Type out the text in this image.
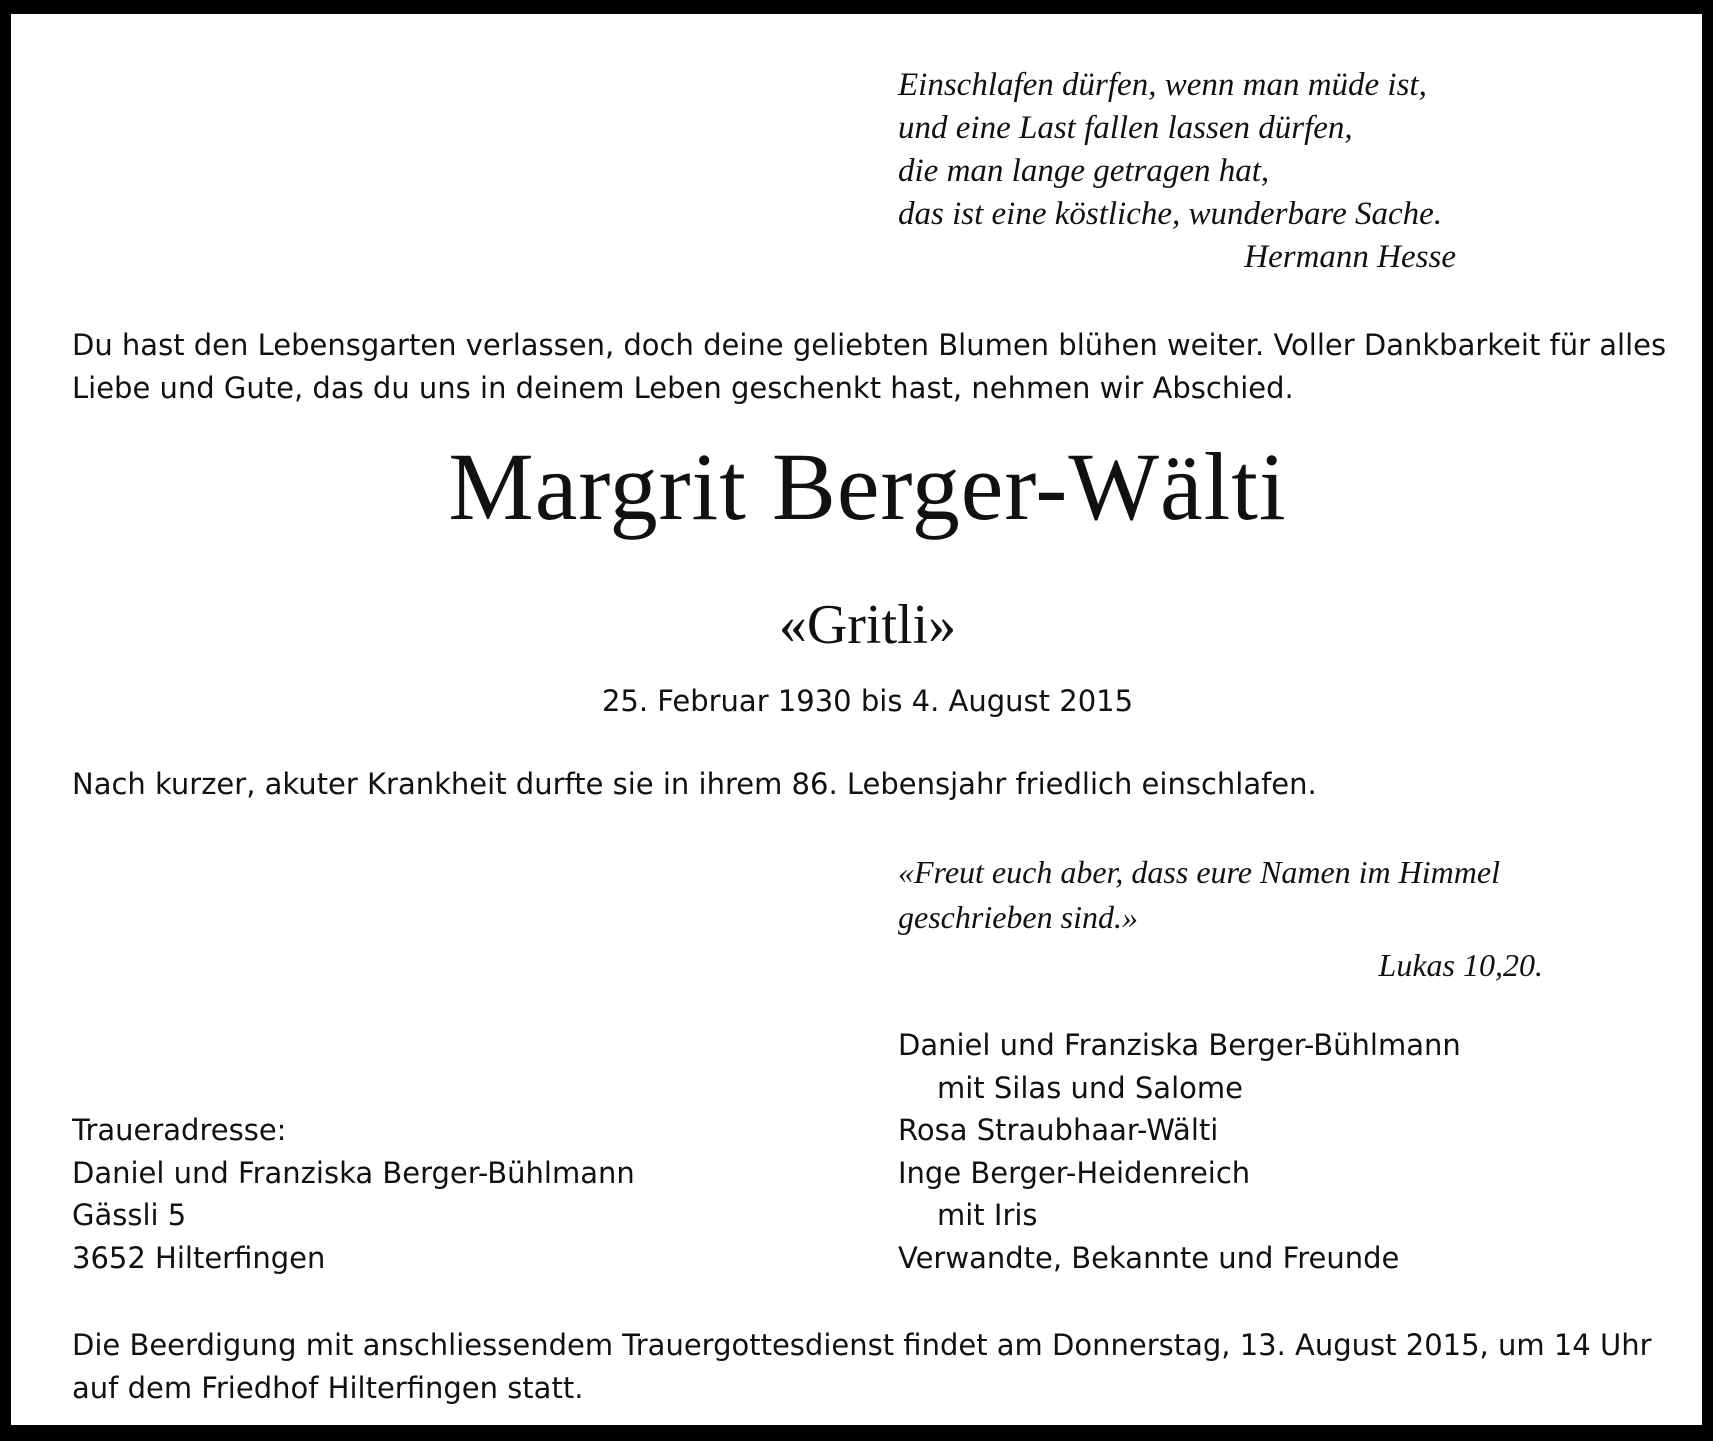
Einschlafen dürfen, wenn man müde ist,
und eine Last fallen lassen dürfen,
die man lange getragen hat,
das ist eine köstliche, wunderbare Sache.
Hermann Hesse
Du hast den Lebensgarten verlassen, doch deine geliebten Blumen blühen weiter. Voller Dankbarkeit für alles
Liebe und Gute, das du uns in deinem Leben geschenkt hast, nehmen wir Abschied.
Margrit Berger-Wälti
«Gritli»
25. Februar 1930 bis 4. August 2015
Nach kurzer, akuter Krankheit durfte sie in ihrem 86. Lebensjahr friedlich einschlafen.
«Freut euch aber, dass eure Namen im Himmel
geschrieben sind.»
Lukas 10,20.
Daniel und Franziska Berger-Bühlmann
mit Silas und Salome
Rosa Straubhaar-Wälti
Inge Berger-Heidenreich
mit Iris
Verwandte, Bekannte und Freunde
Traueradresse:
Daniel und Franziska Berger-Bühlmann
Gässli 5
3652 Hilterfingen
Die Beerdigung mit anschliessendem Trauergottesdienst findet am Donnerstag, 13. August 2015, um 14 Uhr
auf dem Friedhof Hilterfingen statt.
